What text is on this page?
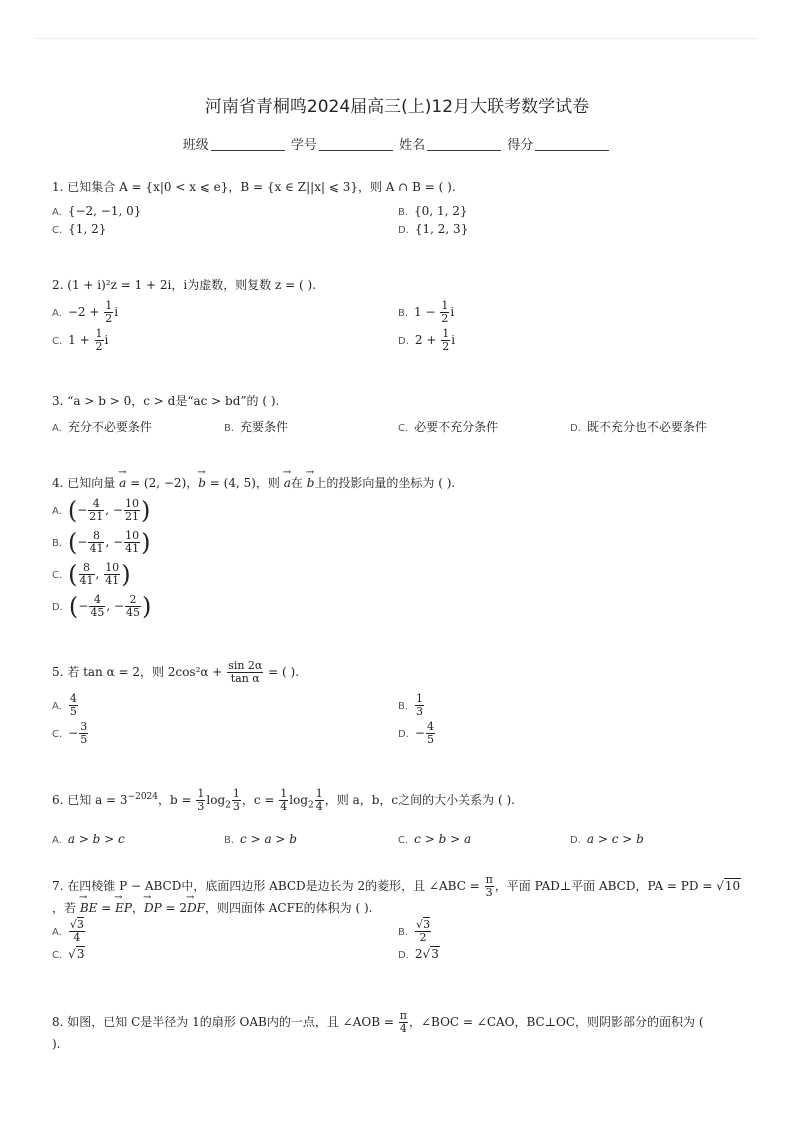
河南省青桐鸣2024届高三(上)12月大联考数学试卷
班级	学号	姓名	得分
1. 已知集合 A = {x|0 < x ⩽ e}，B = {x ∈ Z||x| ⩽ 3}，则 A ∩ B = ( ).
A. {−2, −1, 0}	B. {0, 1, 2}
C. {1, 2}	D. {1, 2, 3}
2. (1 + i)²z = 1 + 2i，i为虚数，则复数 z = ( ).
A. $-2 + \frac{1}{2}$ i	B. $1 - \frac{1}{2}$ i
C. $1 + \frac{1}{2}$ i	D. $2 + \frac{1}{2}$ i
3. “a > b > 0，c > d是“ac > bd”的 ( ).
A. 充分不必要条件	B. 充要条件	C. 必要不充分条件	D. 既不充分也不必要条件
4. 已知向量 → a = (2, −2)，→ b = (4, 5)，则 → a在 → b上的投影向量的坐标为 ( ).
A. (− $\frac{4}{21}$ , − $\frac{10}{21}$ )
B. (− $\frac{8}{41}$ , − $\frac{10}{41}$ )
C. ( $\frac{8}{41}$ , $\frac{10}{41}$ )
D. (− $\frac{4}{45}$ , − $\frac{2}{45}$ )
5. 若 tan α = 2，则 $2\cos^2\alpha + \frac{\sin 2\alpha}{\text{tan α}}$ = ( ).
A. $\frac{4}{5}$	B. $\frac{1}{3}$
C. − $\frac{3}{5}$	D. − $\frac{4}{5}$
6. 已知 $a = 3^{-2024}$，$b = \frac{1}{3} \log_2 \frac{1}{3}$ ，$c = \frac{1}{4} \log_2 \frac{1}{4}$ ，则 a，b，c之间的大小关系为 ( ).
A. a > b > c	B. c > a > b	C. c > b > a	D. a > c > b
7. 在四棱锥 P − ABCD中，底面四边形 ABCD是边长为 2的菱形，且 ∠ABC = $\frac{\pi}{3}$ ，平面 PAD⊥平面 ABCD，PA = PD = √10
，若 → BE = → EP，→ DP = 2→ DF，则四面体 ACFE的体积为 ( ).
A. $\frac{√3}{4}$	B. $\frac{√3}{2}$
C. √3	D. 2√3
8. 如图，已知 C是半径为 1的扇形 OAB内的一点，且 ∠AOB = $\frac{\pi}{4}$ ，∠BOC = ∠CAO，BC⊥OC，则阴影部分的面积为 (
).
